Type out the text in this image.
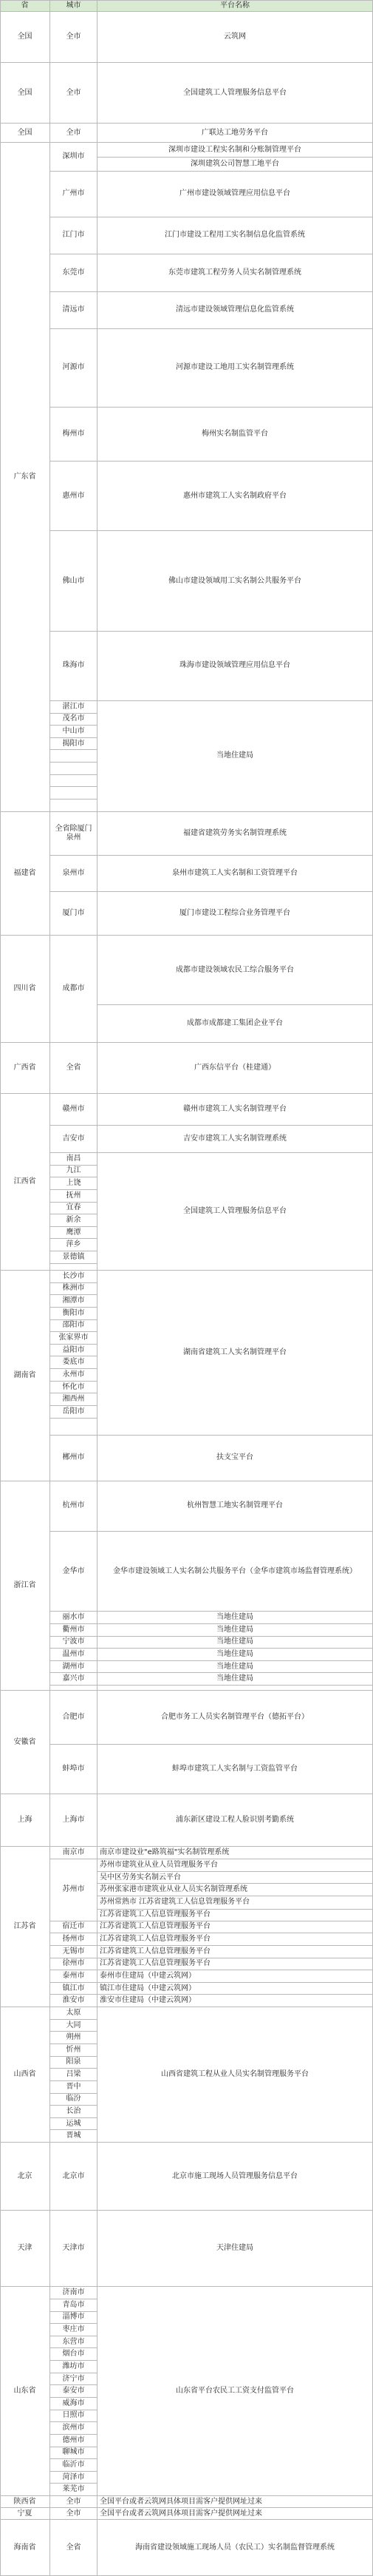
省	城市	平台名称
全国
全国
全国
广东省
福建省
四川省
广西省
江西省
湖南省
浙江省
安徽省
上海
江苏省
山西省
北京
天津
山东省
陕西省
宁夏
海南省
全市
全市
全市
深圳市
广州市
江门市
东莞市
清远市
河源市
梅州市
惠州市
佛山市
珠海市
湛江市
茂名市
中山市
揭阳市
全省除厦门泉州
泉州市
厦门市
成都市
全省
赣州市
吉安市
南昌
九江
上饶
抚州
宜春
新余
鹰潭
萍乡
景德镇
长沙市
株洲市
湘潭市
衡阳市
邵阳市
张家界市
益阳市
娄底市
永州市
怀化市
湘西州
岳阳市
郴州市
杭州市
金华市
丽水市
衢州市
宁波市
温州市
湖州市
嘉兴市
合肥市
蚌埠市
上海市
南京市
苏州市
宿迁市
扬州市
无锡市
徐州市
泰州市
镇江市
淮安市
太原
大同
朔州
忻州
阳泉
吕梁
晋中
临汾
长治
运城
晋城
北京市
天津市
济南市
青岛市
淄博市
枣庄市
东营市
烟台市
潍坊市
济宁市
泰安市
威海市
日照市
滨州市
德州市
聊城市
临沂市
菏泽市
莱芜市
全市
全市
全省
云筑网
全国建筑工人管理服务信息平台
广联达工地劳务平台
深圳市建设工程实名制和分账制管理平台
深圳建筑公司智慧工地平台
广州市建设领域管理应用信息平台
江门市建设工程用工实名制信息化监管系统
东莞市建筑工程劳务人员实名制管理系统
清远市建设领域管理信息化监管系统
河源市建设工地用工实名制管理系统
梅州实名制监管平台
惠州市建筑工人实名制政府平台
佛山市建设领域用工实名制公共服务平台
珠海市建设领域管理应用信息平台
当地住建局
福建省建筑劳务实名制管理系统
泉州市建筑工人实名制和工资管理平台
厦门市建设工程综合业务管理平台
成都市建设领域农民工综合服务平台
成都市成都建工集团企业平台
广西东信平台（桂建通）
赣州市建筑工人实名制管理平台
吉安市建筑工人实名制管理系统
全国建筑工人管理服务信息平台
湖南省建筑工人实名制管理平台
扶支宝平台
杭州智慧工地实名制管理平台
金华市建设领域工人实名制公共服务平台（金华市建筑市场监督管理系统）
当地住建局
当地住建局
当地住建局
当地住建局
当地住建局
当地住建局
合肥市务工人员实名制管理平台（德拓平台）
蚌埠市建筑工人实名制与工资监管平台
浦东新区建设工程人脸识别考勤系统
南京市建设业"e路筑福"实名制管理系统
苏州市建筑业从业人员管理服务平台
吴中区劳务实名制云平台
苏州张家港市建筑业从业人员实名制管理系统
苏州常熟市 江苏省建筑工人信息管理服务平台
江苏省建筑工人信息管理服务平台
江苏省建筑工人信息管理服务平台
江苏省建筑工人信息管理服务平台
江苏省建筑工人信息管理服务平台
江苏省建筑工人信息管理服务平台
泰州市住建局（中建云筑网）
镇江市住建局（中建云筑网）
淮安市住建局（中建云筑网）
山西省建筑工程从业人员实名制管理服务平台
北京市施工现场人员管理服务信息平台
天津住建局
山东省平台农民工工资支付监管平台
全国平台或者云筑网具体项目需客户提供网址过来
全国平台或者云筑网具体项目需客户提供网址过来
海南省建设领域施工现场人员（农民工）实名制监督管理系统
